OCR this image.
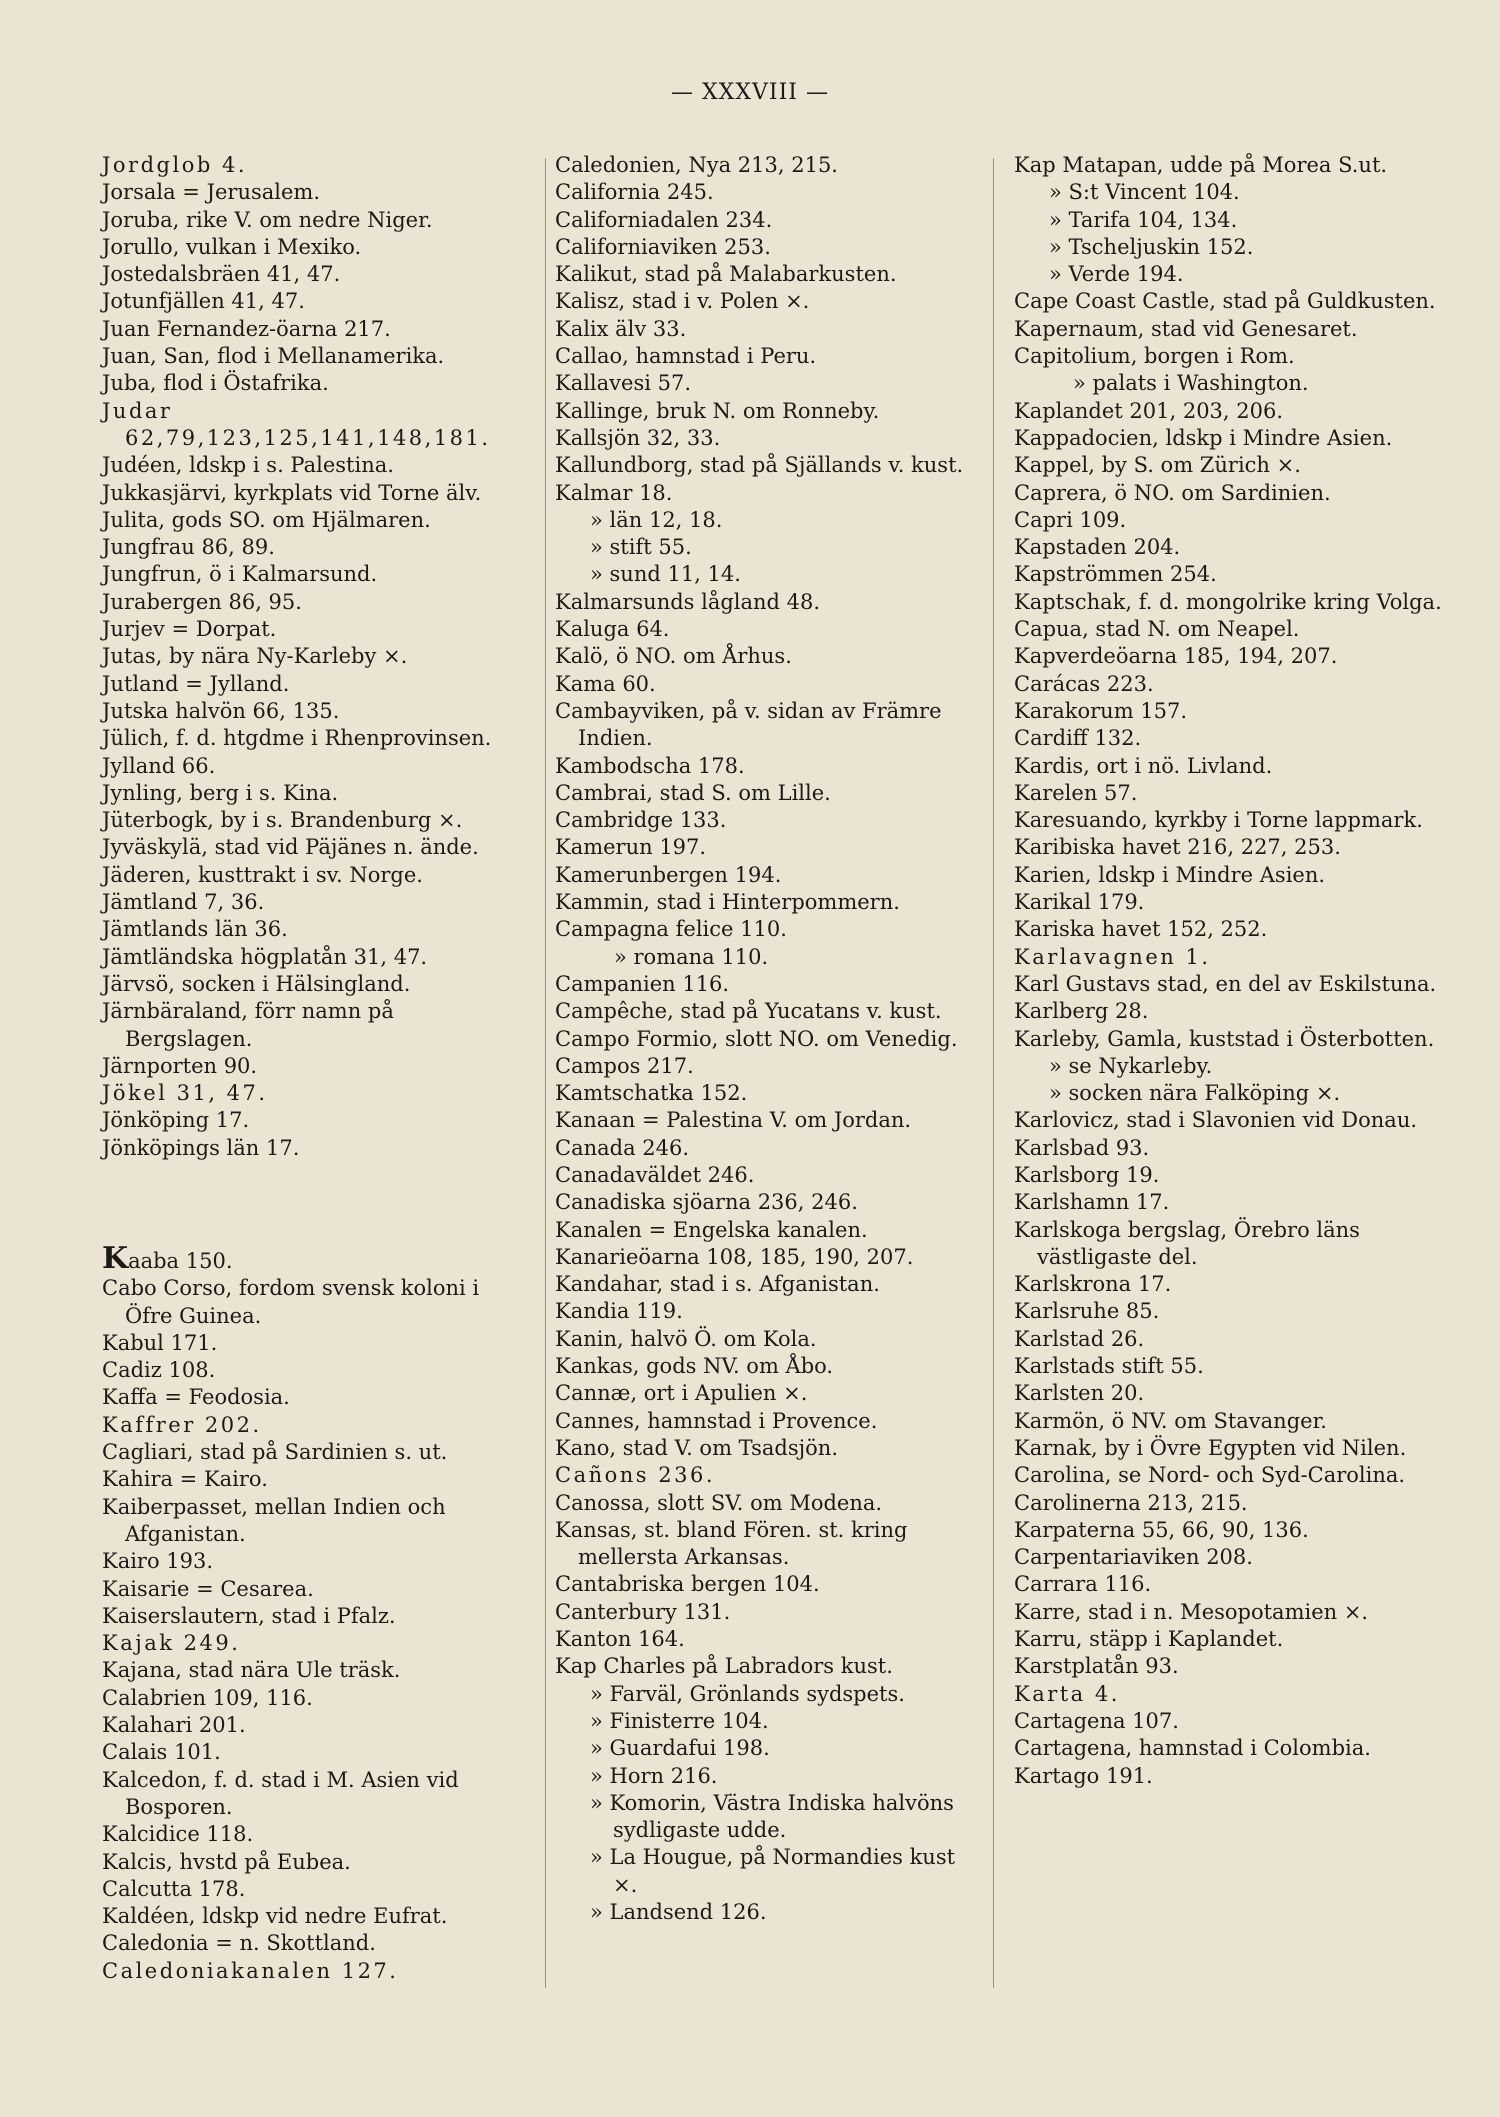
— XXXVIII —

Jordglob 4.

Jorsala = Jerusalem.

Joruba, rike V. om nedre Niger.

Jorullo, vulkan i Mexiko.

Jostedalsbräen 41, 47.

Jotunfjällen 41, 47.

Juan Fernandez-öarna 217.

Juan, San, flod i Mellanamerika.

Juba, flod i Östafrika.

Judar 62,79,123,125,141,148,181.

Judéen, ldskp i s. Palestina.

Jukkasjärvi, kyrkplats vid Torne älv.

Julita, gods SO. om Hjälmaren.

Jungfrau 86, 89.

Jungfrun, ö i Kalmarsund.

Jurabergen 86, 95.

Jurjev = Dorpat.

Jutas, by nära Ny-Karleby ⨯.

Jutland = Jylland.

Jutska halvön 66, 135.

Jülich, f. d. htgdme i Rhenprovinsen.

Jylland 66.

Jynling, berg i s. Kina.

Jüterbogk, by i s. Brandenburg ⨯.

Jyväskylä, stad vid Päjänes n. ände.

Jäderen, kusttrakt i sv. Norge.

Jämtland 7, 36.

Jämtlands län 36.

Jämtländska högplatån 31, 47.

Järvsö, socken i Hälsingland.

Järnbäraland, förr namn på Bergslagen.

Järnporten 90.

Jökel 31, 47.

Jönköping 17.

Jönköpings län 17.

Kaaba 150.

Cabo Corso, fordom svensk koloni i Öfre Guinea.

Kabul 171.

Cadiz 108.

Kaffa = Feodosia.

Kaffrer 202.

Cagliari, stad på Sardinien s. ut.

Kahira = Kairo.

Kaiberpasset, mellan Indien och Afganistan.

Kairo 193.

Kaisarie = Cesarea.

Kaiserslautern, stad i Pfalz.

Kajak 249.

Kajana, stad nära Ule träsk.

Calabrien 109, 116.

Kalahari 201.

Calais 101.

Kalcedon, f. d. stad i M. Asien vid Bosporen.

Kalcidice 118.

Kalcis, hvstd på Eubea.

Calcutta 178.

Kaldéen, ldskp vid nedre Eufrat.

Caledonia = n. Skottland.

Caledoniakanalen 127.

Caledonien, Nya 213, 215.

California 245.

Californiadalen 234.

Californiaviken 253.

Kalikut, stad på Malabarkusten.

Kalisz, stad i v. Polen ⨯.

Kalix älv 33.

Callao, hamnstad i Peru.

Kallavesi 57.

Kallinge, bruk N. om Ronneby.

Kallsjön 32, 33.

Kallundborg, stad på Själlands v. kust.

Kalmar 18.

» län 12, 18.

» stift 55.

» sund 11, 14.

Kalmarsunds lågland 48.

Kaluga 64.

Kalö, ö NO. om Århus.

Kama 60.

Cambayviken, på v. sidan av Främre Indien.

Kambodscha 178.

Cambrai, stad S. om Lille.

Cambridge 133.

Kamerun 197.

Kamerunbergen 194.

Kammin, stad i Hinterpommern.

Campagna felice 110.

» romana 110.

Campanien 116.

Campêche, stad på Yucatans v. kust.

Campo Formio, slott NO. om Venedig.

Campos 217.

Kamtschatka 152.

Kanaan = Palestina V. om Jordan.

Canada 246.

Canadaväldet 246.

Canadiska sjöarna 236, 246.

Kanalen = Engelska kanalen.

Kanarieöarna 108, 185, 190, 207.

Kandahar, stad i s. Afganistan.

Kandia 119.

Kanin, halvö Ö. om Kola.

Kankas, gods NV. om Åbo.

Cannæ, ort i Apulien ⨯.

Cannes, hamnstad i Provence.

Kano, stad V. om Tsadsjön.

Cañons 236.

Canossa, slott SV. om Modena.

Kansas, st. bland Fören. st. kring mellersta Arkansas.

Cantabriska bergen 104.

Canterbury 131.

Kanton 164.

Kap Charles på Labradors kust.

» Farväl, Grönlands sydspets.

» Finisterre 104.

» Guardafui 198.

» Horn 216.

» Komorin, Västra Indiska halvöns sydligaste udde.

» La Hougue, på Normandies kust ⨯.

» Landsend 126.

Kap Matapan, udde på Morea S.ut.

» S:t Vincent 104.

» Tarifa 104, 134.

» Tscheljuskin 152.

» Verde 194.

Cape Coast Castle, stad på Guldkusten.

Kapernaum, stad vid Genesaret.

Capitolium, borgen i Rom.

» palats i Washington.

Kaplandet 201, 203, 206.

Kappadocien, ldskp i Mindre Asien.

Kappel, by S. om Zürich ⨯.

Caprera, ö NO. om Sardinien.

Capri 109.

Kapstaden 204.

Kapströmmen 254.

Kaptschak, f. d. mongolrike kring Volga.

Capua, stad N. om Neapel.

Kapverdeöarna 185, 194, 207.

Carácas 223.

Karakorum 157.

Cardiff 132.

Kardis, ort i nö. Livland.

Karelen 57.

Karesuando, kyrkby i Torne lappmark.

Karibiska havet 216, 227, 253.

Karien, ldskp i Mindre Asien.

Karikal 179.

Kariska havet 152, 252.

Karlavagnen 1.

Karl Gustavs stad, en del av Eskilstuna.

Karlberg 28.

Karleby, Gamla, kuststad i Österbotten.

» se Nykarleby.

» socken nära Falköping ⨯.

Karlovicz, stad i Slavonien vid Donau.

Karlsbad 93.

Karlsborg 19.

Karlshamn 17.

Karlskoga bergslag, Örebro läns västligaste del.

Karlskrona 17.

Karlsruhe 85.

Karlstad 26.

Karlstads stift 55.

Karlsten 20.

Karmön, ö NV. om Stavanger.

Karnak, by i Övre Egypten vid Nilen.

Carolina, se Nord- och Syd-Carolina.

Carolinerna 213, 215.

Karpaterna 55, 66, 90, 136.

Carpentariaviken 208.

Carrara 116.

Karre, stad i n. Mesopotamien ⨯.

Karru, stäpp i Kaplandet.

Karstplatån 93.

Karta 4.

Cartagena 107.

Cartagena, hamnstad i Colombia.

Kartago 191.
